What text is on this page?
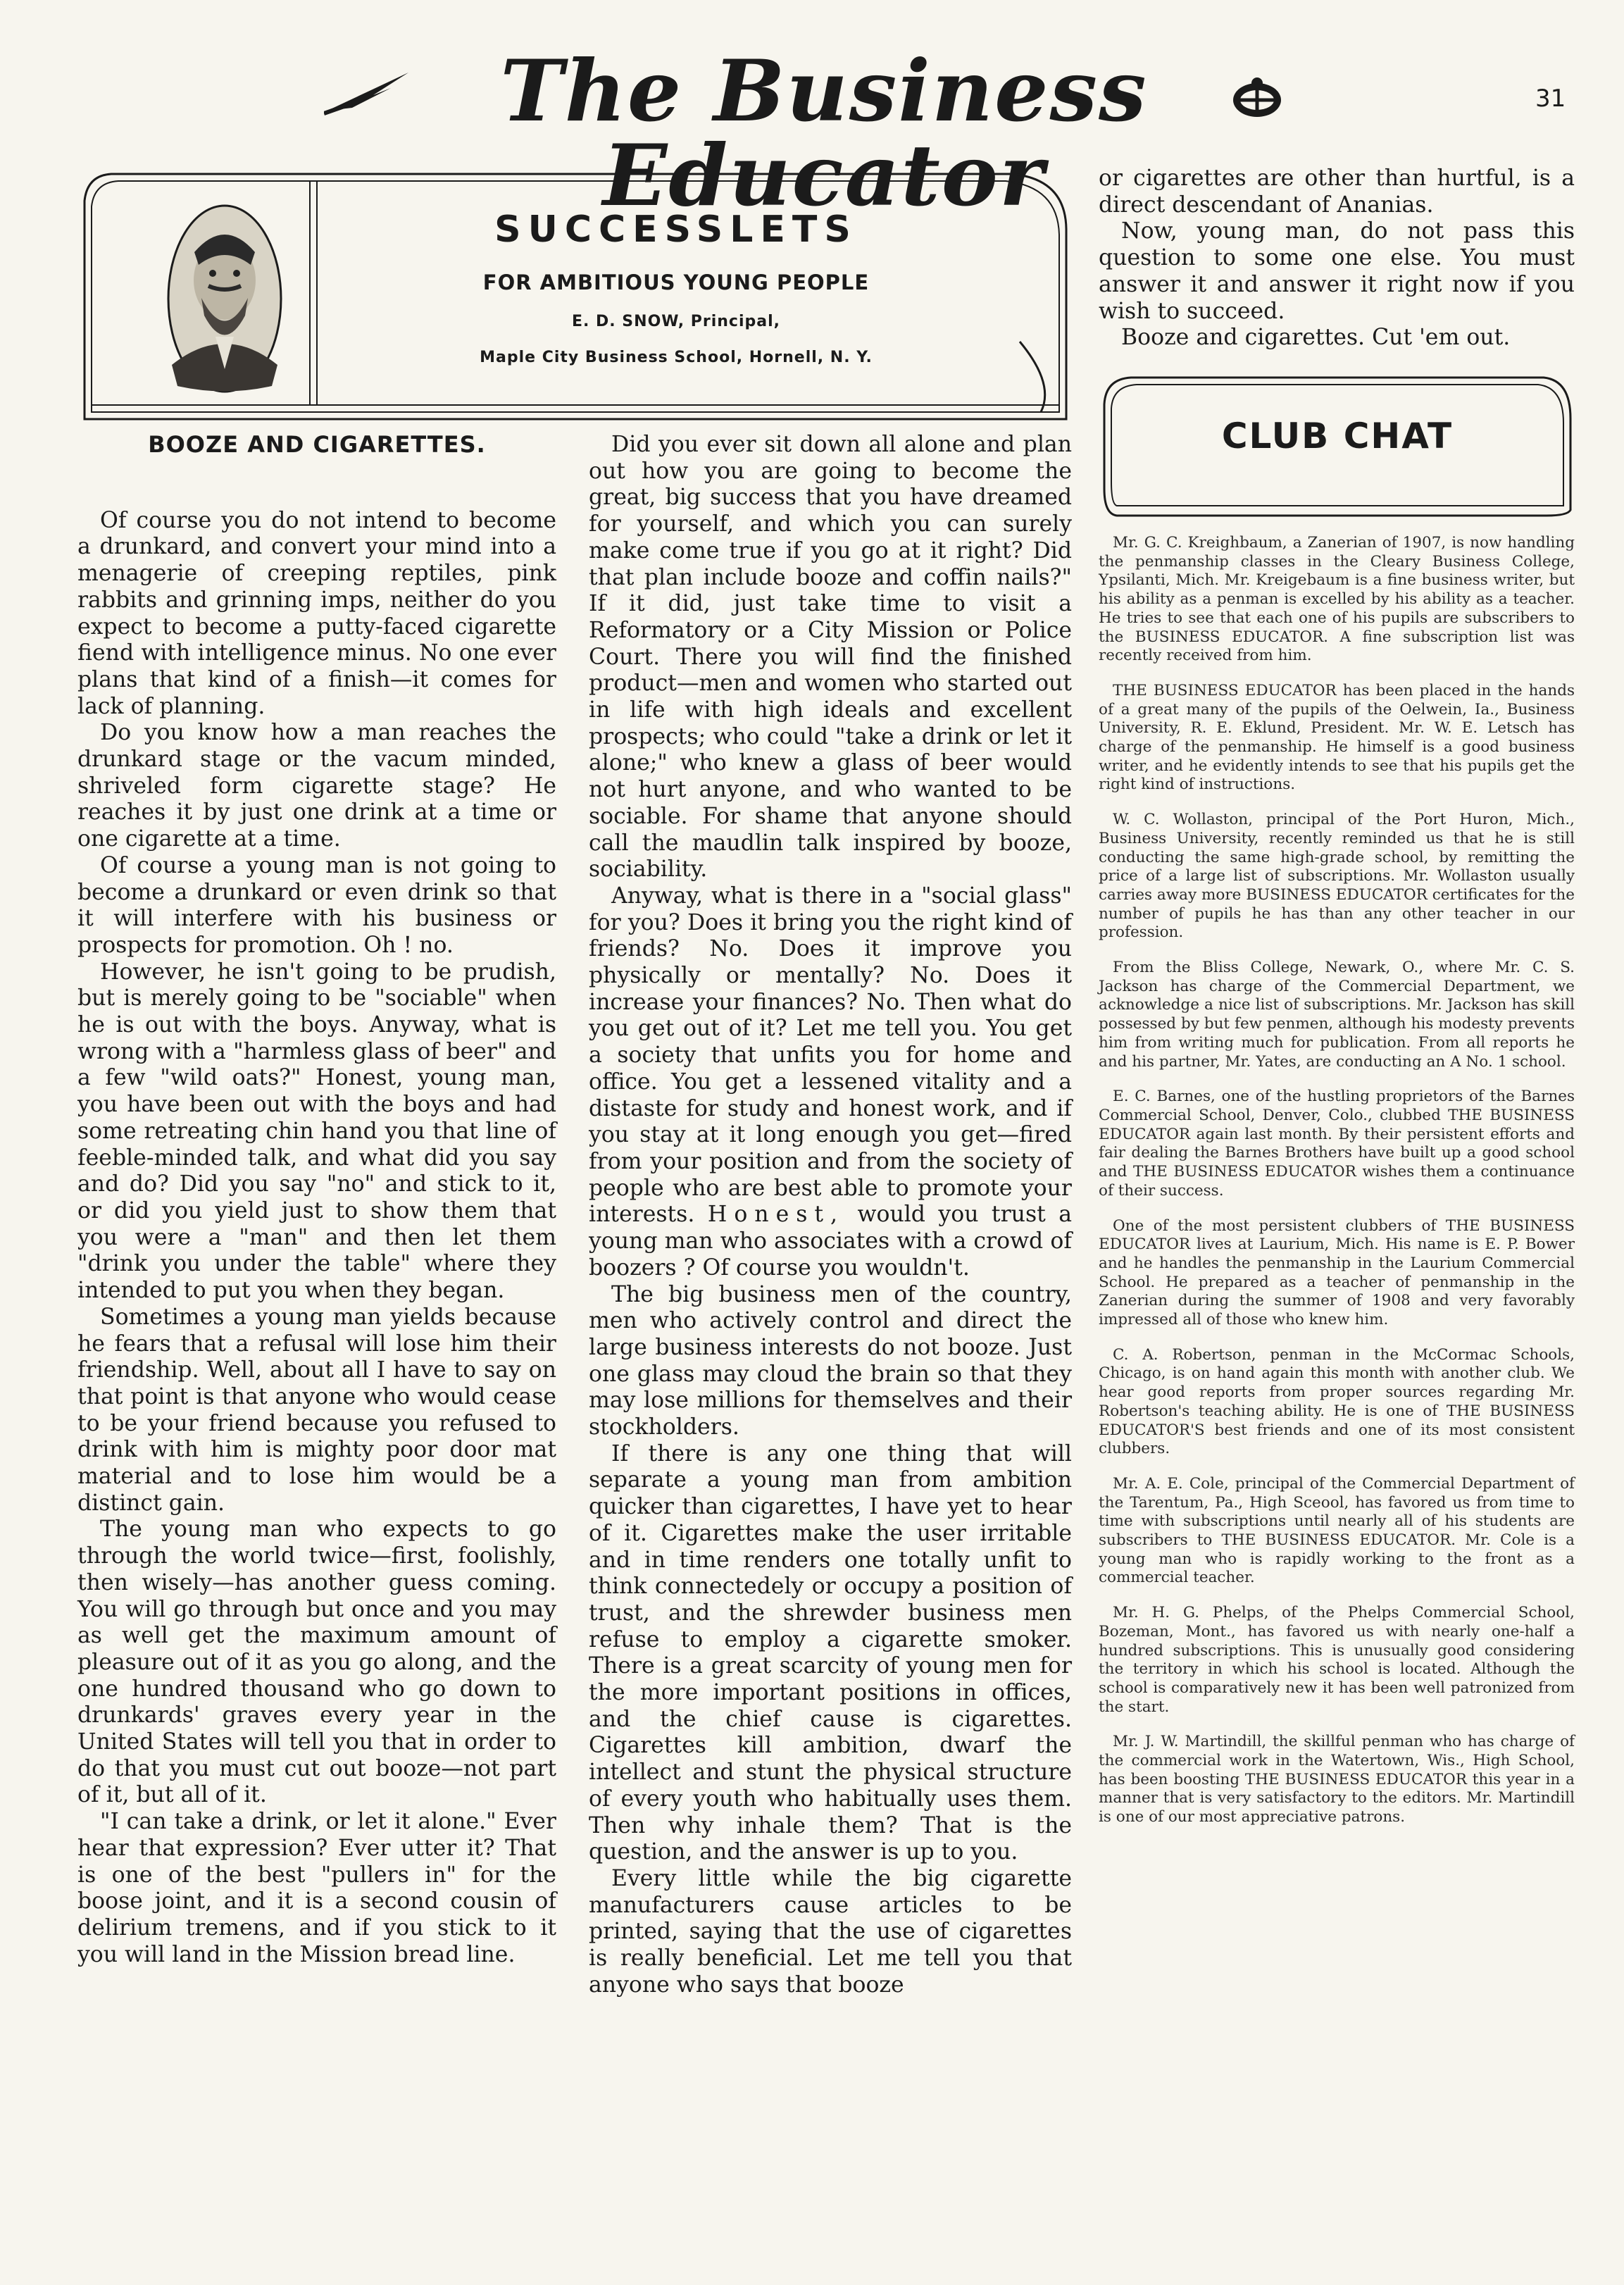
The Business Educator
31
SUCCESSLETS
FOR AMBITIOUS YOUNG PEOPLE
E. D. SNOW, Principal,
Maple City Business School, Hornell, N. Y.

BOOZE AND CIGARETTES.

Of course you do not intend to become a drunkard, and convert your mind into a menagerie of creeping reptiles, pink rabbits and grinning imps, neither do you expect to become a putty-faced cigarette fiend with intelligence minus. No one ever plans that kind of a finish—it comes for lack of planning.

Do you know how a man reaches the drunkard stage or the vacum minded, shriveled form cigarette stage? He reaches it by just one drink at a time or one cigarette at a time.

Of course a young man is not going to become a drunkard or even drink so that it will interfere with his business or prospects for promotion. Oh ! no.

However, he isn't going to be prudish, but is merely going to be "sociable" when he is out with the boys. Anyway, what is wrong with a "harmless glass of beer" and a few "wild oats?" Honest, young man, you have been out with the boys and had some retreating chin hand you that line of feeble-minded talk, and what did you say and do? Did you say "no" and stick to it, or did you yield just to show them that you were a "man" and then let them "drink you under the table" where they intended to put you when they began.

Sometimes a young man yields because he fears that a refusal will lose him their friendship. Well, about all I have to say on that point is that anyone who would cease to be your friend because you refused to drink with him is mighty poor door mat material and to lose him would be a distinct gain.

The young man who expects to go through the world twice—first, foolishly, then wisely—has another guess coming. You will go through but once and you may as well get the maximum amount of pleasure out of it as you go along, and the one hundred thousand who go down to drunkards' graves every year in the United States will tell you that in order to do that you must cut out booze—not part of it, but all of it.

"I can take a drink, or let it alone." Ever hear that expression? Ever utter it? That is one of the best "pullers in" for the boose joint, and it is a second cousin of delirium tremens, and if you stick to it you will land in the Mission bread line.

Did you ever sit down all alone and plan out how you are going to become the great, big success that you have dreamed for yourself, and which you can surely make come true if you go at it right? Did that plan include booze and coffin nails?" If it did, just take time to visit a Reformatory or a City Mission or Police Court. There you will find the finished product—men and women who started out in life with high ideals and excellent prospects; who could "take a drink or let it alone;" who knew a glass of beer would not hurt anyone, and who wanted to be sociable. For shame that anyone should call the maudlin talk inspired by booze, sociability.

Anyway, what is there in a "social glass" for you? Does it bring you the right kind of friends? No. Does it improve you physically or mentally? No. Does it increase your finances? No. Then what do you get out of it? Let me tell you. You get a society that unfits you for home and office. You get a lessened vitality and a distaste for study and honest work, and if you stay at it long enough you get—fired from your position and from the society of people who are best able to promote your interests. Honest, would you trust a young man who associates with a crowd of boozers ? Of course you wouldn't.

The big business men of the country, men who actively control and direct the large business interests do not booze. Just one glass may cloud the brain so that they may lose millions for themselves and their stockholders.

If there is any one thing that will separate a young man from ambition quicker than cigarettes, I have yet to hear of it. Cigarettes make the user irritable and in time renders one totally unfit to think connectedely or occupy a position of trust, and the shrewder business men refuse to employ a cigarette smoker. There is a great scarcity of young men for the more important positions in offices, and the chief cause is cigarettes. Cigarettes kill ambition, dwarf the intellect and stunt the physical structure of every youth who habitually uses them. Then why inhale them? That is the question, and the answer is up to you.

Every little while the big cigarette manufacturers cause articles to be printed, saying that the use of cigarettes is really beneficial. Let me tell you that anyone who says that booze

or cigarettes are other than hurtful, is a direct descendant of Ananias.

Now, young man, do not pass this question to some one else. You must answer it and answer it right now if you wish to succeed.

Booze and cigarettes. Cut 'em out.

CLUB CHAT

Mr. G. C. Kreighbaum, a Zanerian of 1907, is now handling the penmanship classes in the Cleary Business College, Ypsilanti, Mich. Mr. Kreigebaum is a fine business writer, but his ability as a penman is excelled by his ability as a teacher. He tries to see that each one of his pupils are subscribers to the BUSINESS EDUCATOR. A fine subscription list was recently received from him.

THE BUSINESS EDUCATOR has been placed in the hands of a great many of the pupils of the Oelwein, Ia., Business University, R. E. Eklund, President. Mr. W. E. Letsch has charge of the penmanship. He himself is a good business writer, and he evidently intends to see that his pupils get the right kind of instructions.

W. C. Wollaston, principal of the Port Huron, Mich., Business University, recently reminded us that he is still conducting the same high-grade school, by remitting the price of a large list of subscriptions. Mr. Wollaston usually carries away more BUSINESS EDUCATOR certificates for the number of pupils he has than any other teacher in our profession.

From the Bliss College, Newark, O., where Mr. C. S. Jackson has charge of the Commercial Department, we acknowledge a nice list of subscriptions. Mr. Jackson has skill possessed by but few penmen, although his modesty prevents him from writing much for publication. From all reports he and his partner, Mr. Yates, are conducting an A No. 1 school.

E. C. Barnes, one of the hustling proprietors of the Barnes Commercial School, Denver, Colo., clubbed THE BUSINESS EDUCATOR again last month. By their persistent efforts and fair dealing the Barnes Brothers have built up a good school and THE BUSINESS EDUCATOR wishes them a continuance of their success.

One of the most persistent clubbers of THE BUSINESS EDUCATOR lives at Laurium, Mich. His name is E. P. Bower and he handles the penmanship in the Laurium Commercial School. He prepared as a teacher of penmanship in the Zanerian during the summer of 1908 and very favorably impressed all of those who knew him.

C. A. Robertson, penman in the McCormac Schools, Chicago, is on hand again this month with another club. We hear good reports from proper sources regarding Mr. Robertson's teaching ability. He is one of THE BUSINESS EDUCATOR'S best friends and one of its most consistent clubbers.

Mr. A. E. Cole, principal of the Commercial Department of the Tarentum, Pa., High Sceool, has favored us from time to time with subscriptions until nearly all of his students are subscribers to THE BUSINESS EDUCATOR. Mr. Cole is a young man who is rapidly working to the front as a commercial teacher.

Mr. H. G. Phelps, of the Phelps Commercial School, Bozeman, Mont., has favored us with nearly one-half a hundred subscriptions. This is unusually good considering the territory in which his school is located. Although the school is comparatively new it has been well patronized from the start.

Mr. J. W. Martindill, the skillful penman who has charge of the commercial work in the Watertown, Wis., High School, has been boosting THE BUSINESS EDUCATOR this year in a manner that is very satisfactory to the editors. Mr. Martindill is one of our most appreciative patrons.
